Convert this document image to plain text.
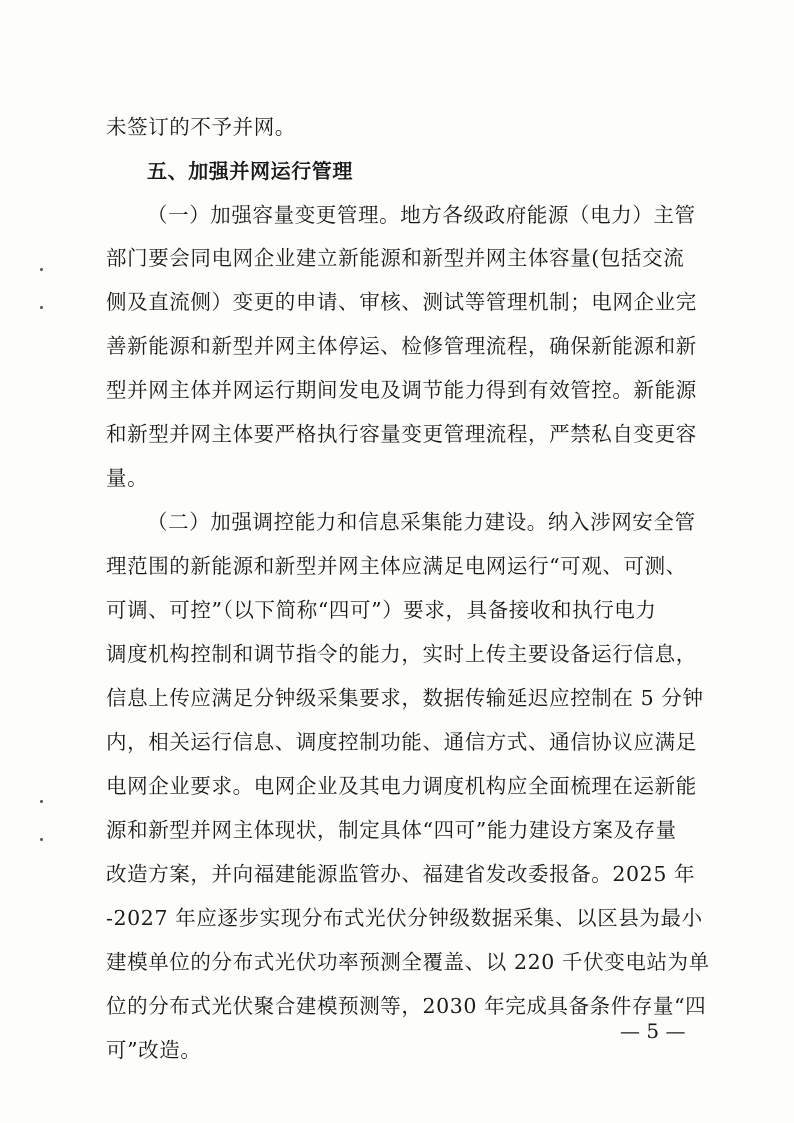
未签订的不予并网。
五、加强并网运行管理
（一）加强容量变更管理。地方各级政府能源（电力）主管
部门要会同电网企业建立新能源和新型并网主体容量(包括交流
侧及直流侧）变更的申请、审核、测试等管理机制；电网企业完
善新能源和新型并网主体停运、检修管理流程，确保新能源和新
型并网主体并网运行期间发电及调节能力得到有效管控。新能源
和新型并网主体要严格执行容量变更管理流程，严禁私自变更容
量。
（二）加强调控能力和信息采集能力建设。纳入涉网安全管
理范围的新能源和新型并网主体应满足电网运行“可观、可测、
可调、可控”（以下简称“四可”）要求，具备接收和执行电力
调度机构控制和调节指令的能力，实时上传主要设备运行信息，
信息上传应满足分钟级采集要求，数据传输延迟应控制在 5 分钟
内，相关运行信息、调度控制功能、通信方式、通信协议应满足
电网企业要求。电网企业及其电力调度机构应全面梳理在运新能
源和新型并网主体现状，制定具体“四可”能力建设方案及存量
改造方案，并向福建能源监管办、福建省发改委报备。2025 年
-2027 年应逐步实现分布式光伏分钟级数据采集、以区县为最小
建模单位的分布式光伏功率预测全覆盖、以 220 千伏变电站为单
位的分布式光伏聚合建模预测等，2030 年完成具备条件存量“四
可”改造。
— 5 —
